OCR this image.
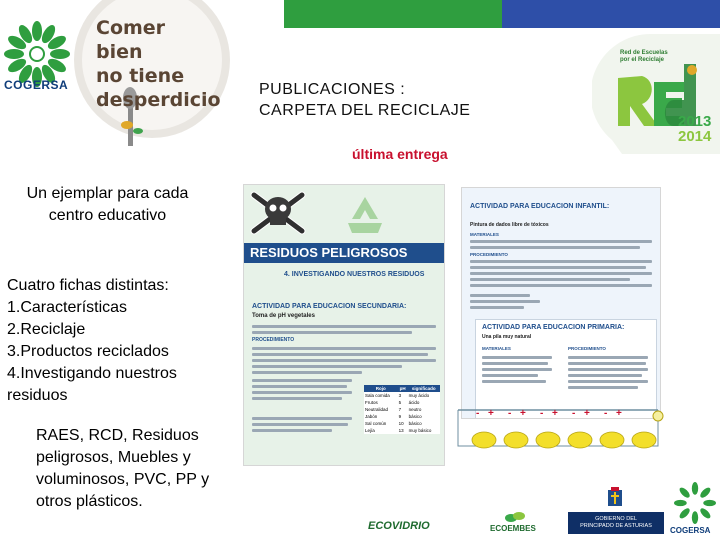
COGERSA
Comer
bien
no tiene
desperdicio PUBLICACIONES :
CARPETA DEL RECICLAJE
última entrega
Red de Escuelas
por el Reciclaje
2013
2014
Un ejemplar para cada centro educativo
Cuatro fichas distintas:
1.Características
2.Reciclaje
3.Productos reciclados
4.Investigando nuestros residuos
RAES, RCD, Residuos peligrosos, Muebles y voluminosos, PVC, PP y otros plásticos.
RESIDUOS PELIGROSOS
4. INVESTIGANDO NUESTROS RESIDUOS
ACTIVIDAD PARA EDUCACION SECUNDARIA:
Toma de pH vegetales
PROCEDIMIENTO
Rojo	pH	significado
Sala comida	3	muy ácido
Frutos	5	ácido
Neutralidad	7	neutro
Jabón	9	básico
Sal común	10	básico
Lejía	13	muy básico
ACTIVIDAD PARA EDUCACION INFANTIL:
Pintura de dados libre de tóxicos
MATERIALES
PROCEDIMIENTO
ACTIVIDAD PARA EDUCACION PRIMARIA:
Una pila muy natural
MATERIALES	PROCEDIMIENTO
- + - + - + - + - +
ECOVIDRIO	ECOEMBES
GOBIERNO DEL
PRINCIPADO DE ASTURIAS	COGERSA
